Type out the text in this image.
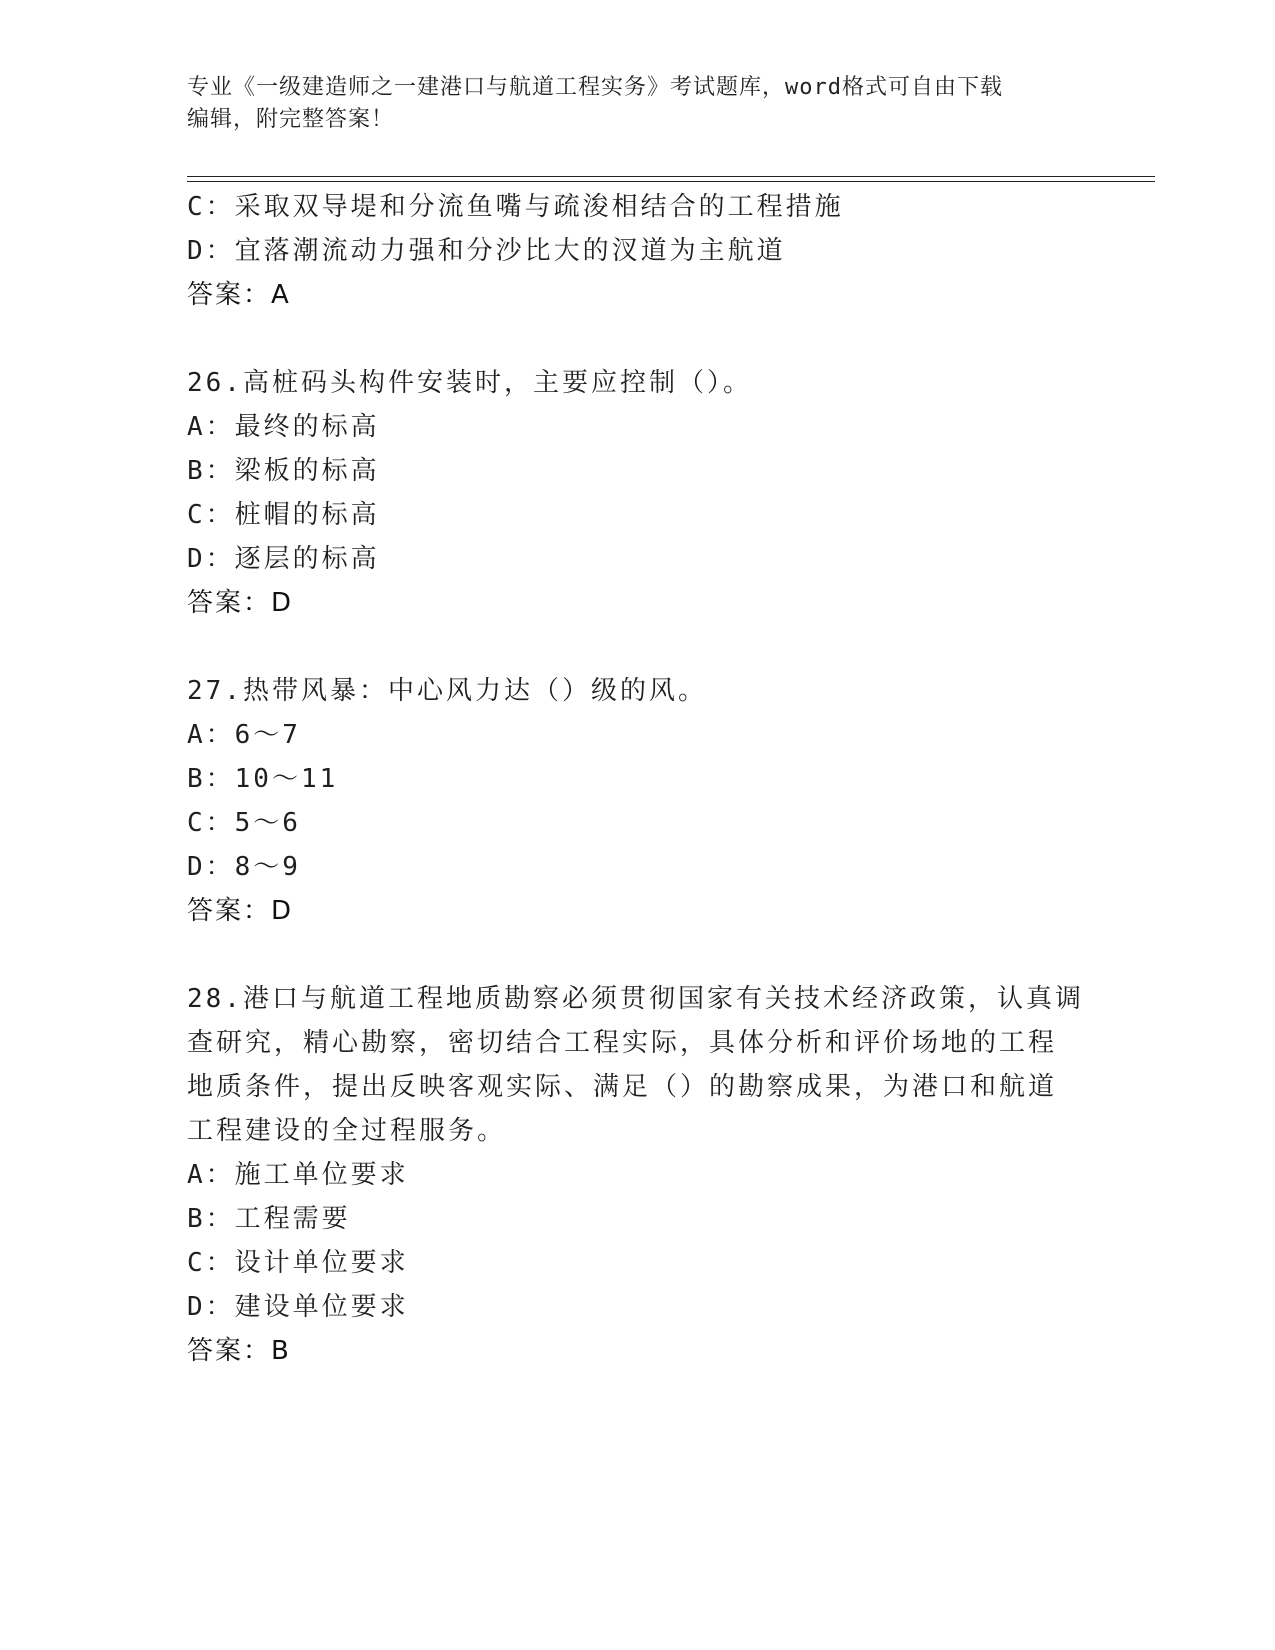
专业《一级建造师之一建港口与航道工程实务》考试题库，word格式可自由下载
编辑，附完整答案！
C：采取双导堤和分流鱼嘴与疏浚相结合的工程措施
D：宜落潮流动力强和分沙比大的汊道为主航道
答案：A
26.高桩码头构件安装时，主要应控制（）。
A：最终的标高
B：梁板的标高
C：桩帽的标高
D：逐层的标高
答案：D
27.热带风暴：中心风力达（）级的风。
A：6～7
B：10～11
C：5～6
D：8～9
答案：D
28.港口与航道工程地质勘察必须贯彻国家有关技术经济政策，认真调
查研究，精心勘察，密切结合工程实际，具体分析和评价场地的工程
地质条件，提出反映客观实际、满足（）的勘察成果，为港口和航道
工程建设的全过程服务。
A：施工单位要求
B：工程需要
C：设计单位要求
D：建设单位要求
答案：B
